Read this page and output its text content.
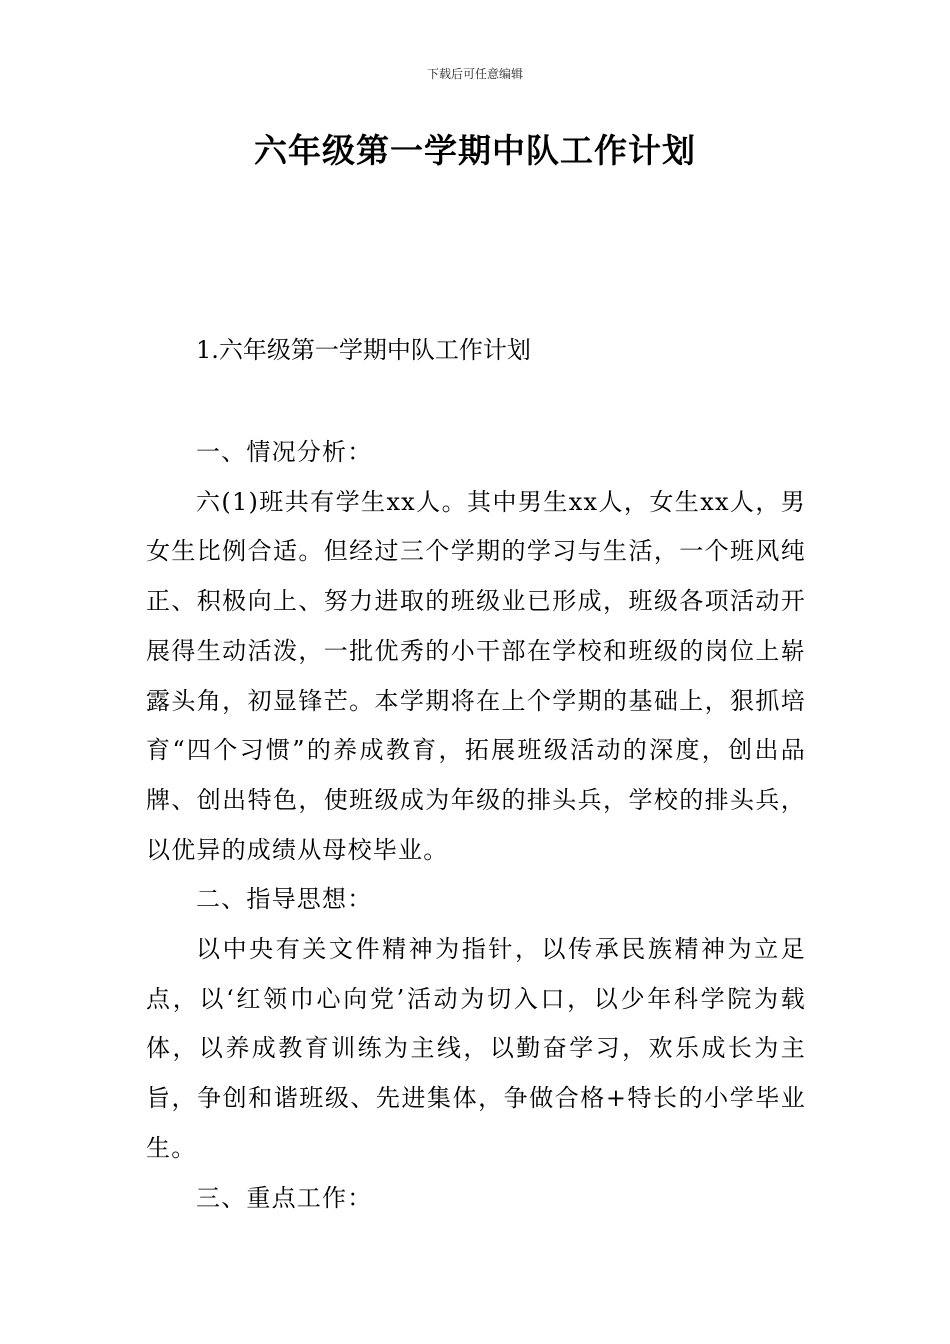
下载后可任意编辑
六年级第一学期中队工作计划
1.六年级第一学期中队工作计划
一、情况分析：

六(1)班共有学生xx人。其中男生xx人，女生xx人，男女生比例合适。但经过三个学期的学习与生活，一个班风纯正、积极向上、努力进取的班级业已形成，班级各项活动开展得生动活泼，一批优秀的小干部在学校和班级的岗位上崭露头角，初显锋芒。本学期将在上个学期的基础上，狠抓培育“四个习惯”的养成教育，拓展班级活动的深度，创出品牌、创出特色，使班级成为年级的排头兵，学校的排头兵，以优异的成绩从母校毕业。

二、指导思想：

以中央有关文件精神为指针，以传承民族精神为立足点，以‘红领巾心向党’活动为切入口，以少年科学院为载体，以养成教育训练为主线，以勤奋学习，欢乐成长为主旨，争创和谐班级、先进集体，争做合格+特长的小学毕业生。

三、重点工作：
